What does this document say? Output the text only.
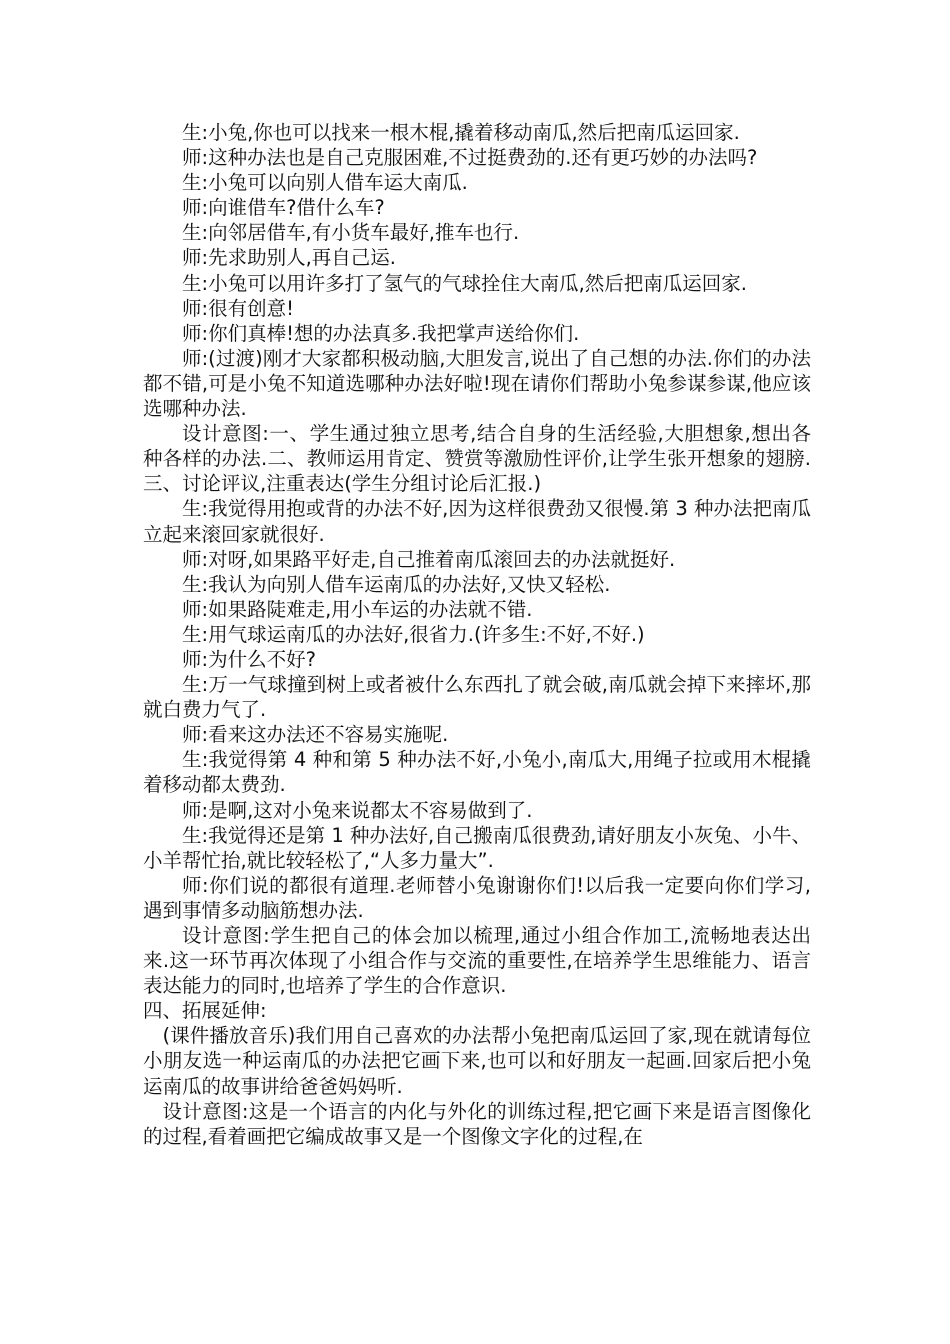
生:小兔,你也可以找来一根木棍,撬着移动南瓜,然后把南瓜运回家.

师:这种办法也是自己克服困难,不过挺费劲的.还有更巧妙的办法吗?

生:小兔可以向别人借车运大南瓜.

师:向谁借车?借什么车?

生:向邻居借车,有小货车最好,推车也行.

师:先求助别人,再自己运.

生:小兔可以用许多打了氢气的气球拴住大南瓜,然后把南瓜运回家.

师:很有创意!

师:你们真棒!想的办法真多.我把掌声送给你们.

师:(过渡)刚才大家都积极动脑,大胆发言,说出了自己想的办法.你们的办法都不错,可是小兔不知道选哪种办法好啦!现在请你们帮助小兔参谋参谋,他应该选哪种办法.

设计意图:一、学生通过独立思考,结合自身的生活经验,大胆想象,想出各种各样的办法.二、教师运用肯定、赞赏等激励性评价,让学生张开想象的翅膀.三、讨论评议,注重表达(学生分组讨论后汇报.)

生:我觉得用抱或背的办法不好,因为这样很费劲又很慢.第 3 种办法把南瓜立起来滚回家就很好.

师:对呀,如果路平好走,自己推着南瓜滚回去的办法就挺好.

生:我认为向别人借车运南瓜的办法好,又快又轻松.

师:如果路陡难走,用小车运的办法就不错.

生:用气球运南瓜的办法好,很省力.(许多生:不好,不好.)

师:为什么不好?

生:万一气球撞到树上或者被什么东西扎了就会破,南瓜就会掉下来摔坏,那就白费力气了.

师:看来这办法还不容易实施呢.

生:我觉得第 4 种和第 5 种办法不好,小兔小,南瓜大,用绳子拉或用木棍撬着移动都太费劲.

师:是啊,这对小兔来说都太不容易做到了.

生:我觉得还是第 1 种办法好,自己搬南瓜很费劲,请好朋友小灰兔、小牛、小羊帮忙抬,就比较轻松了,“人多力量大”.

师:你们说的都很有道理.老师替小兔谢谢你们!以后我一定要向你们学习,遇到事情多动脑筋想办法.

设计意图:学生把自己的体会加以梳理,通过小组合作加工,流畅地表达出来.这一环节再次体现了小组合作与交流的重要性,在培养学生思维能力、语言表达能力的同时,也培养了学生的合作意识.

四、拓展延伸:

(课件播放音乐)我们用自己喜欢的办法帮小兔把南瓜运回了家,现在就请每位小朋友选一种运南瓜的办法把它画下来,也可以和好朋友一起画.回家后把小兔运南瓜的故事讲给爸爸妈妈听.

设计意图:这是一个语言的内化与外化的训练过程,把它画下来是语言图像化的过程,看着画把它编成故事又是一个图像文字化的过程,在
